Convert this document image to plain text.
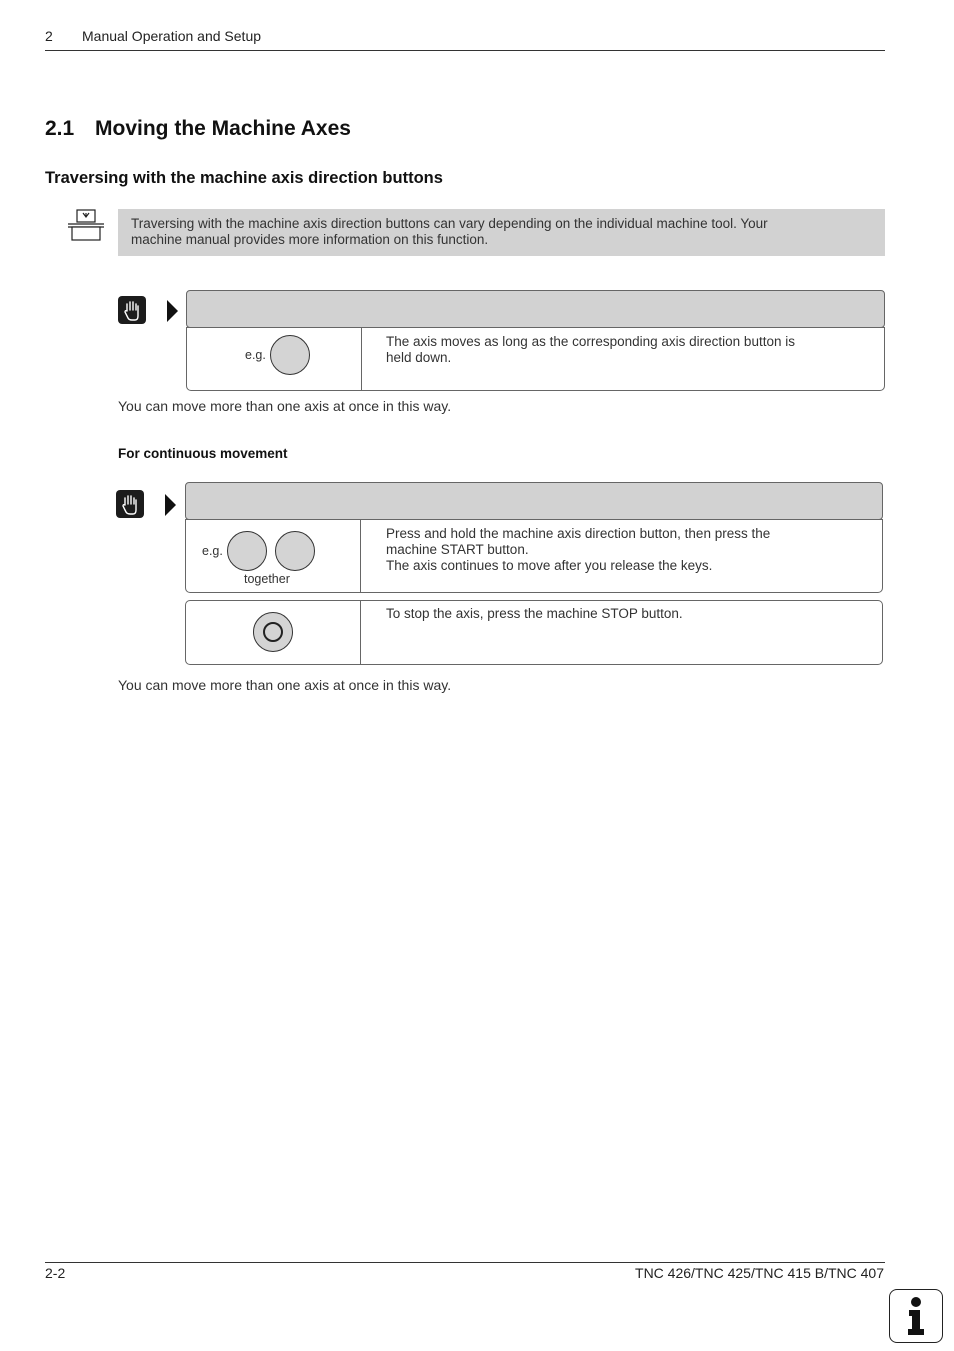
2 Manual Operation and Setup
2.1 Moving the Machine Axes
Traversing with the machine axis direction buttons
Traversing with the machine axis direction buttons can vary depending on the individual machine tool. Your
machine manual provides more information on this function.
e.g.
The axis moves as long as the corresponding axis direction button is
held down.
You can move more than one axis at once in this way.
For continuous movement
e.g.
together
Press and hold the machine axis direction button, then press the
machine START button.
The axis continues to move after you release the keys.
To stop the axis, press the machine STOP button.
You can move more than one axis at once in this way.
2-2	TNC 426/TNC 425/TNC 415 B/TNC 407
